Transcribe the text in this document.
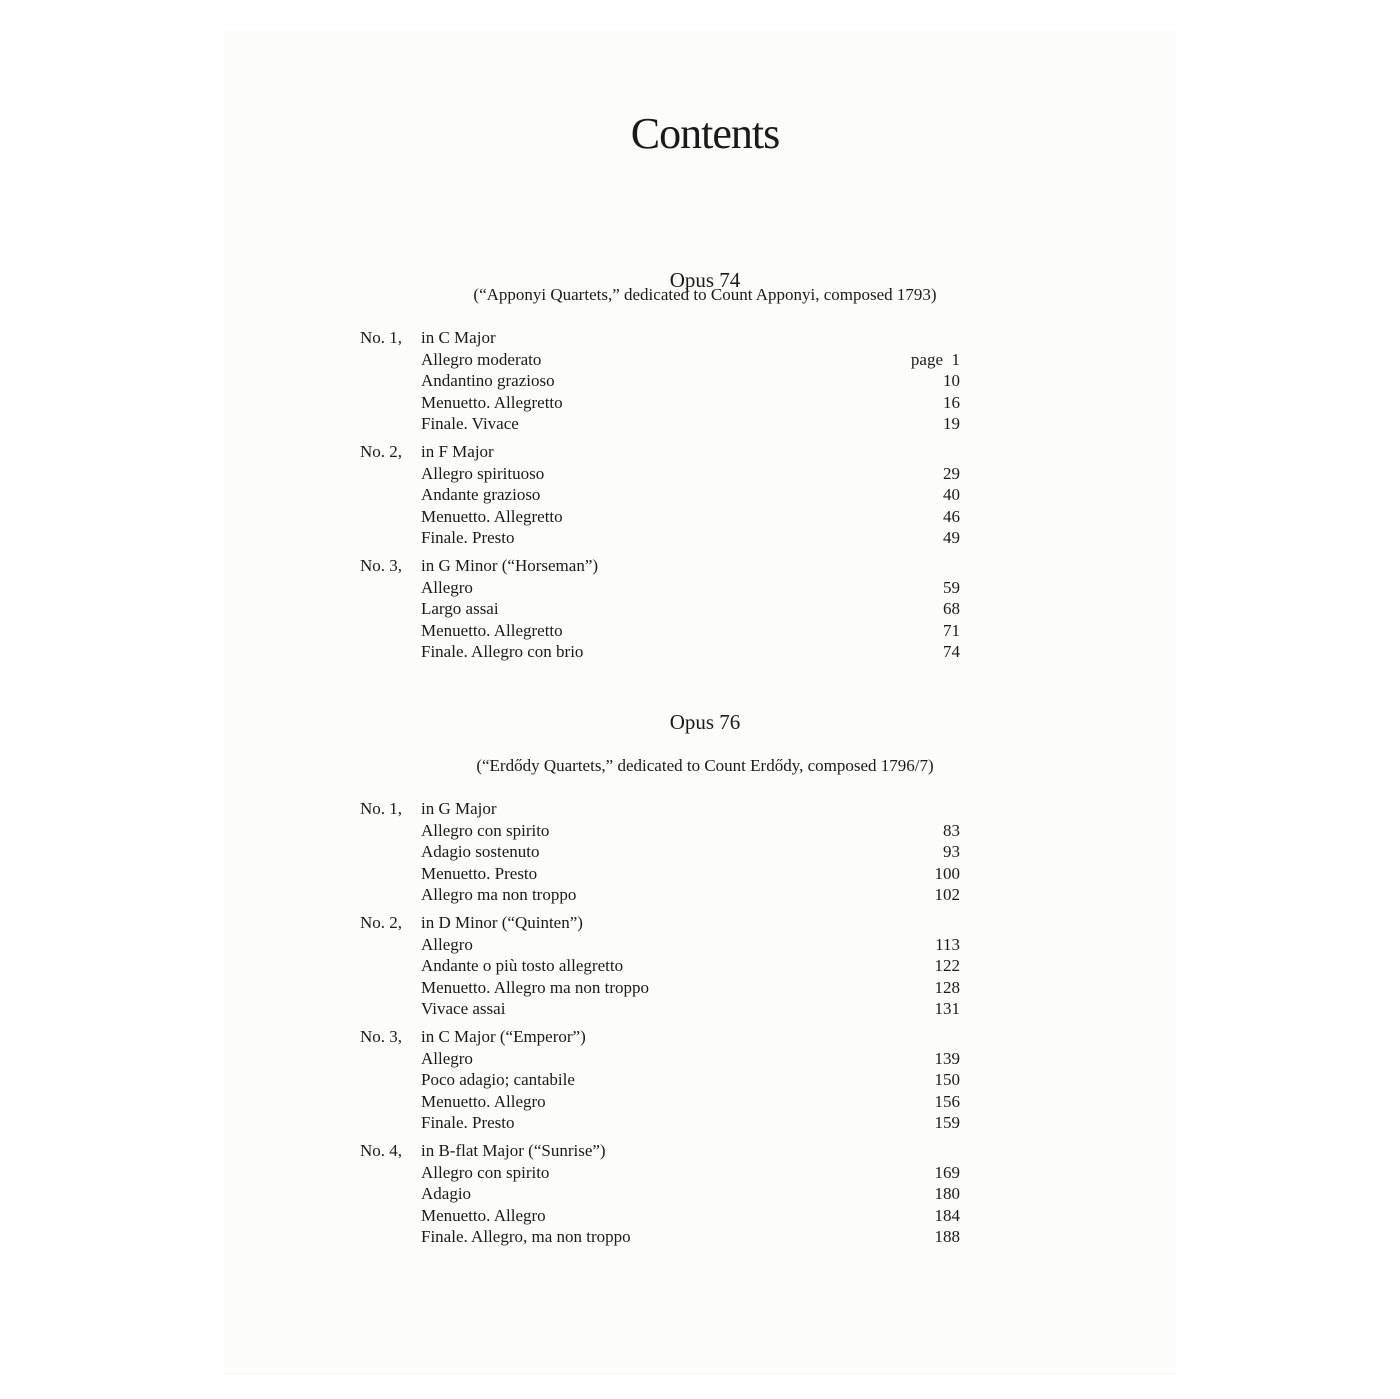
Contents
Opus 74
(“Apponyi Quartets,” dedicated to Count Apponyi, composed 1793)
No. 1,	in C Major
Allegro moderato	page  1
Andantino grazioso	10
Menuetto. Allegretto	16
Finale. Vivace	19
No. 2,	in F Major
Allegro spirituoso	29
Andante grazioso	40
Menuetto. Allegretto	46
Finale. Presto	49
No. 3,	in G Minor (“Horseman”)
Allegro	59
Largo assai	68
Menuetto. Allegretto	71
Finale. Allegro con brio	74
Opus 76
(“Erdődy Quartets,” dedicated to Count Erdődy, composed 1796/7)
No. 1,	in G Major
Allegro con spirito	83
Adagio sostenuto	93
Menuetto. Presto	100
Allegro ma non troppo	102
No. 2,	in D Minor (“Quinten”)
Allegro	113
Andante o più tosto allegretto	122
Menuetto. Allegro ma non troppo	128
Vivace assai	131
No. 3,	in C Major (“Emperor”)
Allegro	139
Poco adagio; cantabile	150
Menuetto. Allegro	156
Finale. Presto	159
No. 4,	in B-flat Major (“Sunrise”)
Allegro con spirito	169
Adagio	180
Menuetto. Allegro	184
Finale. Allegro, ma non troppo	188
